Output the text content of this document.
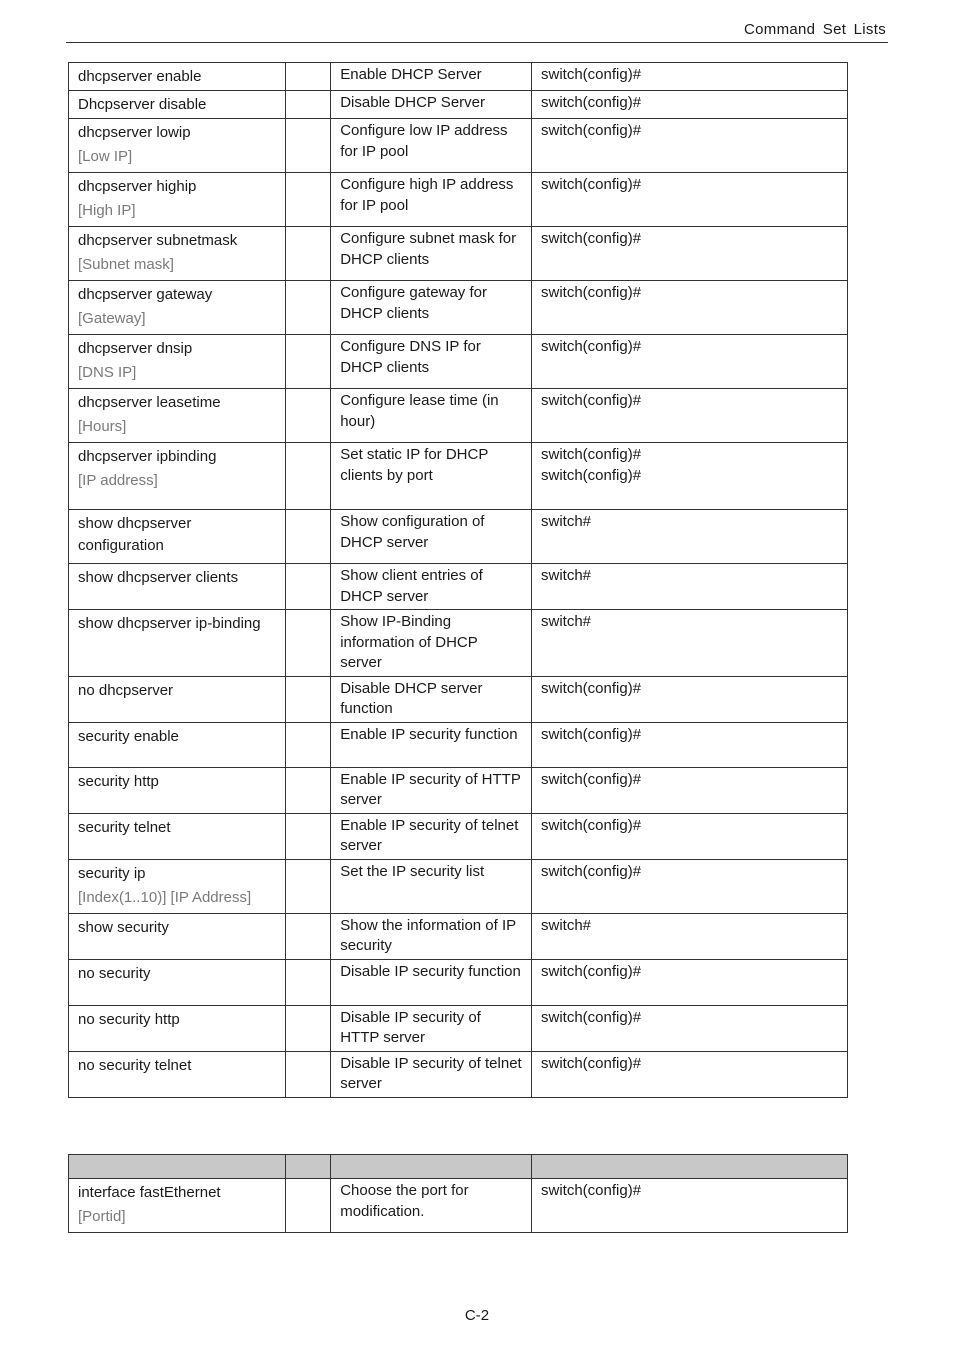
Command Set Lists
dhcpserver enable		Enable DHCP Server	switch(config)#

Dhcpserver disable		Disable DHCP Server	switch(config)#

dhcpserver lowip
[Low IP]		Configure low IP address for IP pool	switch(config)#

dhcpserver highip
[High IP]		Configure high IP address for IP pool	switch(config)#

dhcpserver subnetmask
[Subnet mask]		Configure subnet mask for DHCP clients	switch(config)#

dhcpserver gateway
[Gateway]		Configure gateway for DHCP clients	switch(config)#

dhcpserver dnsip
[DNS IP]		Configure DNS IP for DHCP clients	switch(config)#

dhcpserver leasetime
[Hours]		Configure lease time (in hour)	switch(config)#

dhcpserver ipbinding
[IP address]		Set static IP for DHCP clients by port	switch(config)#
switch(config)#

show dhcpserver configuration		Show configuration of DHCP server	switch#

show dhcpserver clients		Show client entries of DHCP server	switch#

show dhcpserver ip-binding		Show IP-Binding information of DHCP server	switch#

no dhcpserver		Disable DHCP server function	switch(config)#

security enable		Enable IP security function	switch(config)#

security http		Enable IP security of HTTP server	switch(config)#

security telnet		Enable IP security of telnet server	switch(config)#

security ip
[Index(1..10)] [IP Address]		Set the IP security list	switch(config)#

show security		Show the information of IP security	switch#

no security		Disable IP security function	switch(config)#

no security http		Disable IP security of HTTP server	switch(config)#

no security telnet		Disable IP security of telnet server	switch(config)#

interface fastEthernet
[Portid]		Choose the port for modification.	switch(config)#
C-2
